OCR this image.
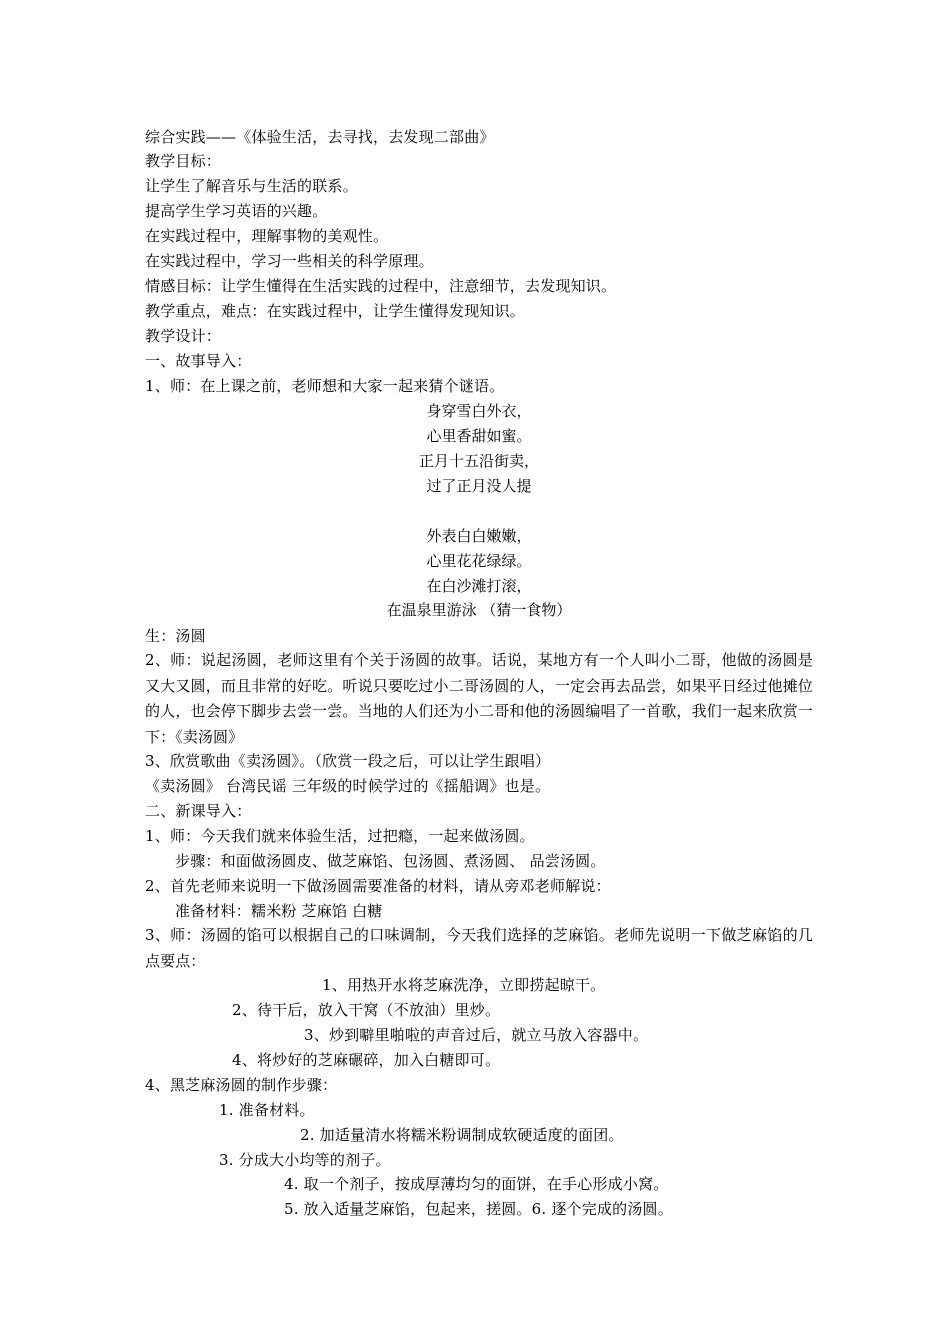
综合实践——《体验生活，去寻找，去发现二部曲》
教学目标：
让学生了解音乐与生活的联系。
提高学生学习英语的兴趣。
在实践过程中，理解事物的美观性。
在实践过程中，学习一些相关的科学原理。
情感目标：让学生懂得在生活实践的过程中，注意细节，去发现知识。
教学重点，难点：在实践过程中，让学生懂得发现知识。
教学设计：
一、故事导入：
1、师：在上课之前，老师想和大家一起来猜个谜语。
身穿雪白外衣，
心里香甜如蜜。
正月十五沿街卖，
过了正月没人提
外表白白嫩嫩，
心里花花绿绿。
在白沙滩打滚，
在温泉里游泳 （猜一食物）
生：汤圆
2、师：说起汤圆，老师这里有个关于汤圆的故事。话说，某地方有一个人叫小二哥，他做的汤圆是又大又圆，而且非常的好吃。听说只要吃过小二哥汤圆的人，一定会再去品尝，如果平日经过他摊位的人，也会停下脚步去尝一尝。当地的人们还为小二哥和他的汤圆编唱了一首歌，我们一起来欣赏一下：《卖汤圆》
3、欣赏歌曲《卖汤圆》。（欣赏一段之后，可以让学生跟唱）
《卖汤圆》 台湾民谣 三年级的时候学过的《摇船调》也是。
二、新课导入：
1、师：今天我们就来体验生活，过把瘾，一起来做汤圆。
步骤：和面做汤圆皮、做芝麻馅、包汤圆、煮汤圆、 品尝汤圆。
2、首先老师来说明一下做汤圆需要准备的材料，请从旁邓老师解说：
准备材料：糯米粉 芝麻馅 白糖
3、师：汤圆的馅可以根据自己的口味调制，今天我们选择的芝麻馅。老师先说明一下做芝麻馅的几点要点：
1、用热开水将芝麻洗净，立即捞起晾干。
2、待干后，放入干窝（不放油）里炒。
3、炒到噼里啪啦的声音过后，就立马放入容器中。
4、将炒好的芝麻碾碎，加入白糖即可。
4、黑芝麻汤圆的制作步骤：
1. 准备材料。
2. 加适量清水将糯米粉调制成软硬适度的面团。
3. 分成大小均等的剂子。
4. 取一个剂子，按成厚薄均匀的面饼，在手心形成小窝。
5. 放入适量芝麻馅，包起来，搓圆。6. 逐个完成的汤圆。
